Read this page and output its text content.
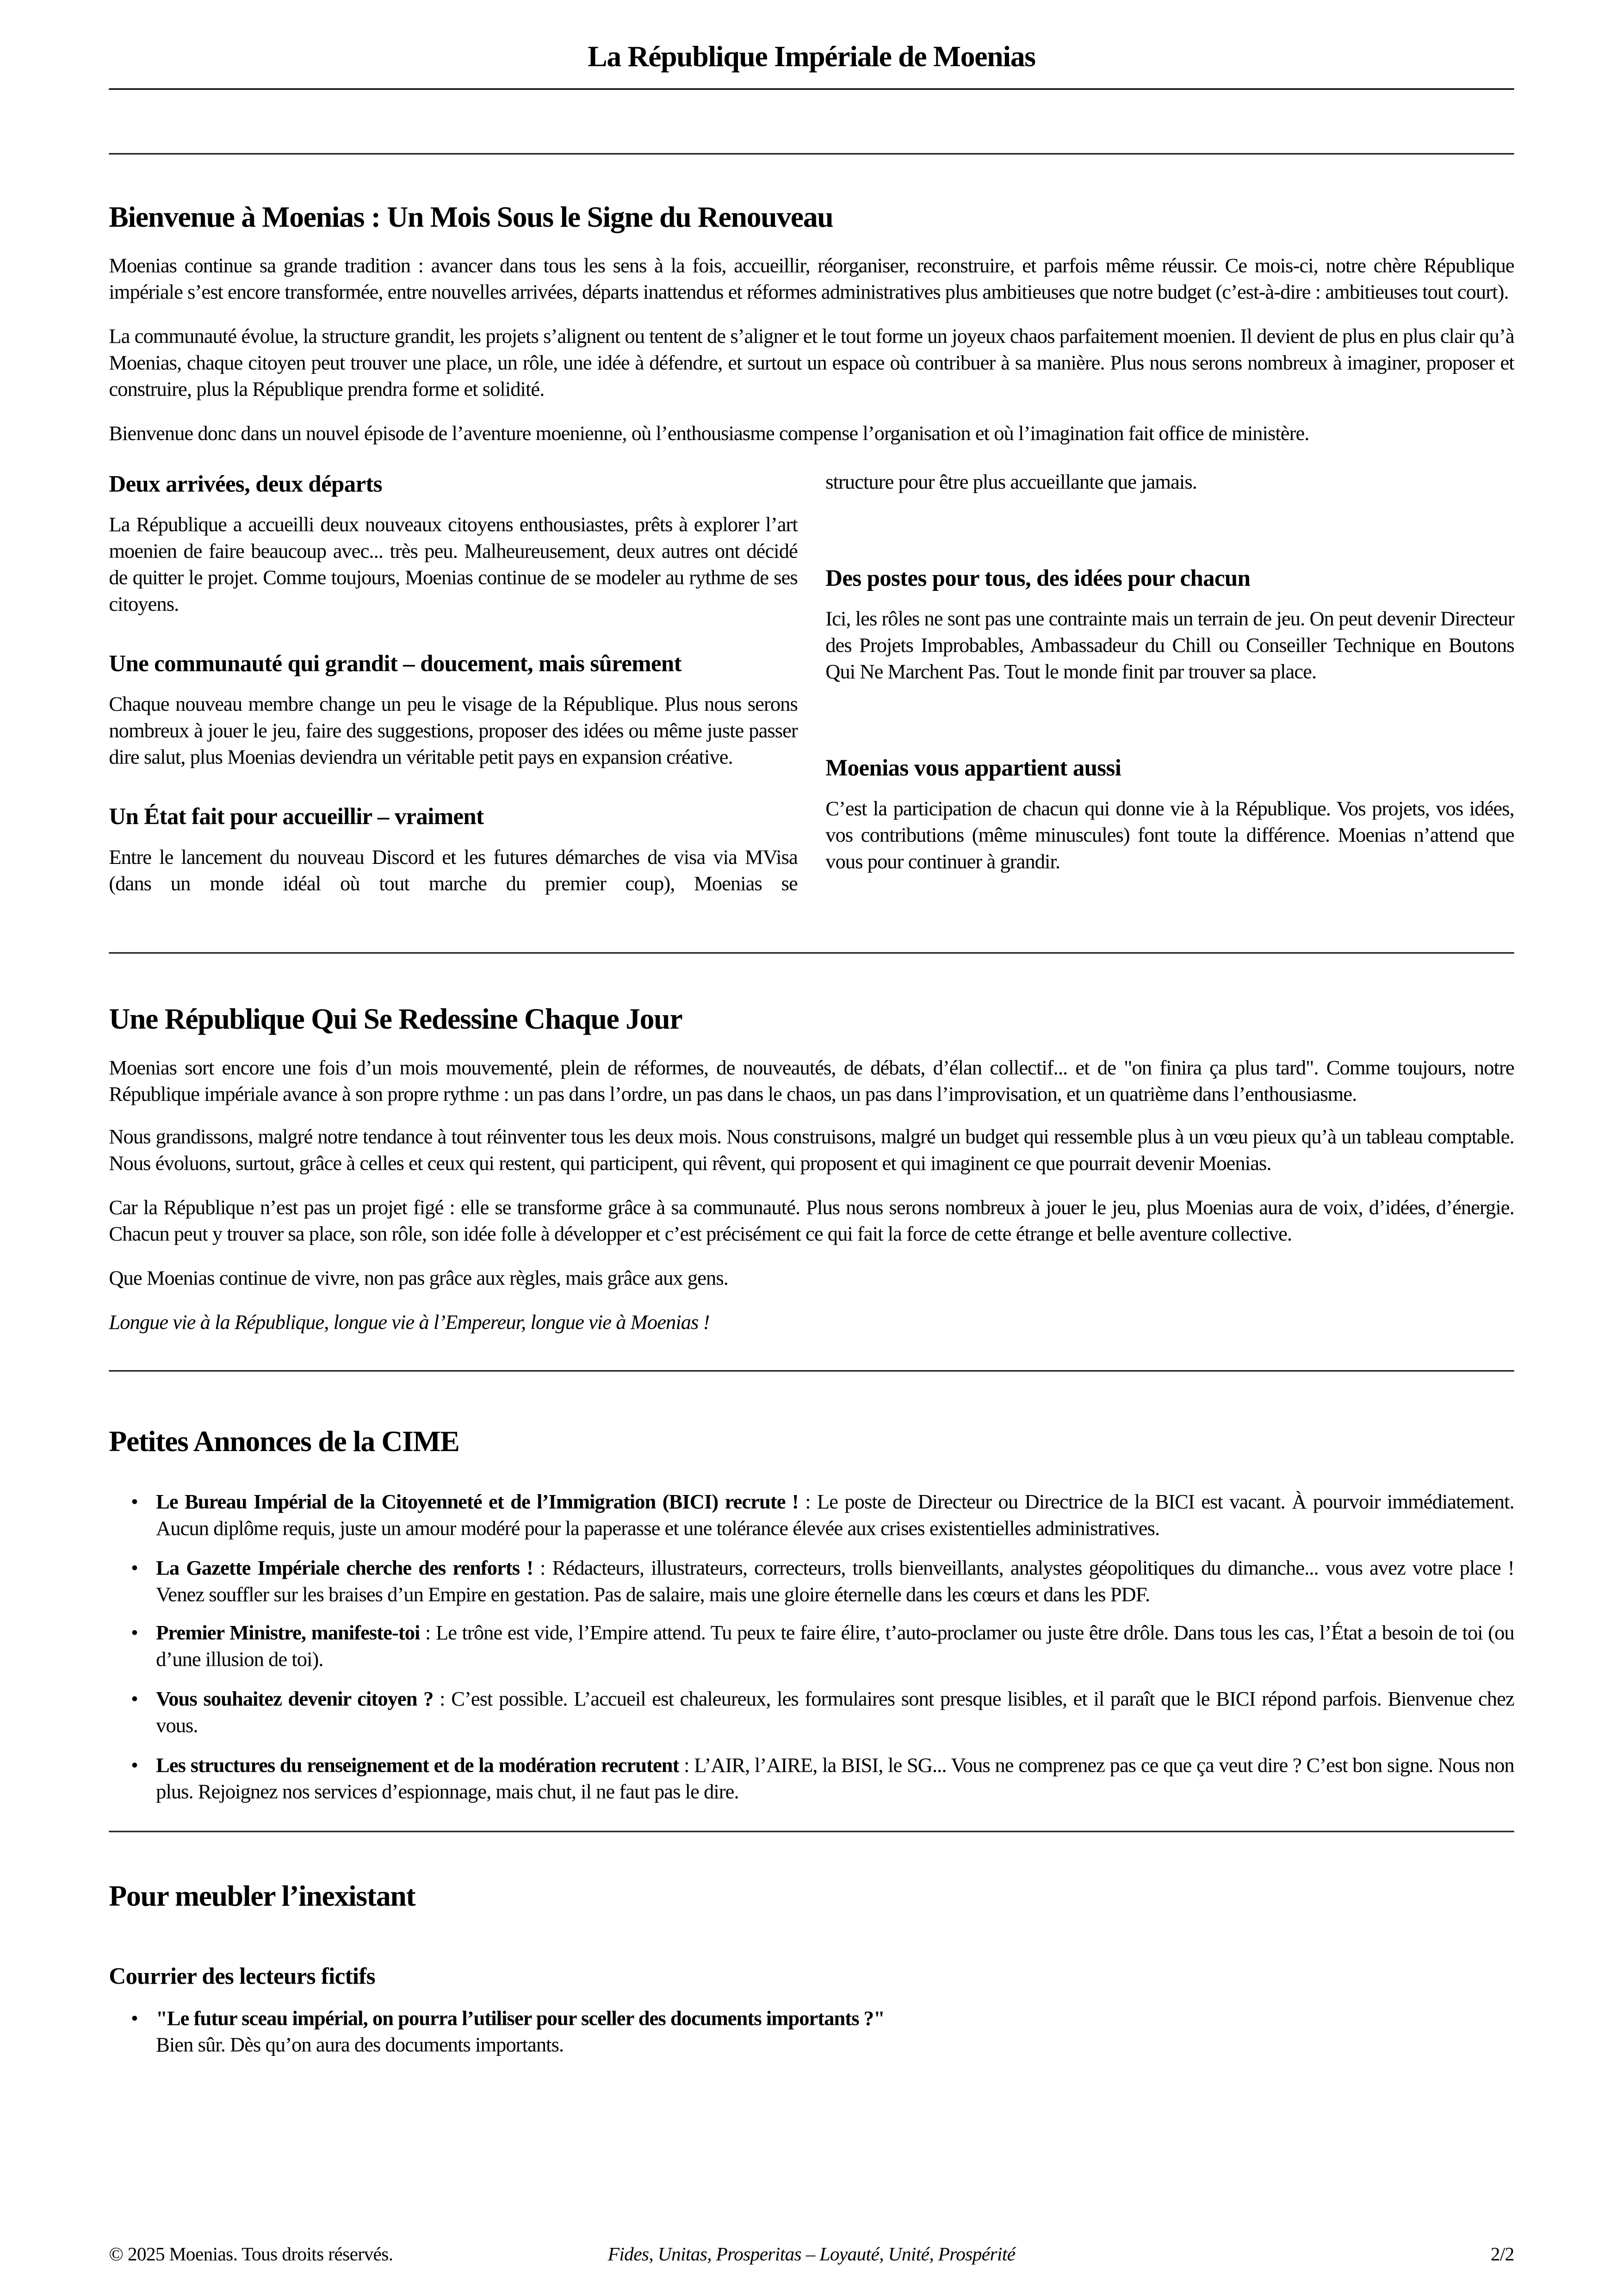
La République Impériale de Moenias
Bienvenue à Moenias : Un Mois Sous le Signe du Renouveau

Moenias continue sa grande tradition : avancer dans tous les sens à la fois, accueillir, réorganiser, reconstruire, et parfois même réussir. Ce mois-ci, notre chère République impériale s’est encore transformée, entre nouvelles arrivées, départs inattendus et réformes administratives plus ambitieuses que notre budget (c’est-à-dire : ambitieuses tout court).

La communauté évolue, la structure grandit, les projets s’alignent ou tentent de s’aligner et le tout forme un joyeux chaos parfaitement moenien. Il devient de plus en plus clair qu’à Moenias, chaque citoyen peut trouver une place, un rôle, une idée à défendre, et surtout un espace où contribuer à sa manière. Plus nous serons nombreux à imaginer, proposer et construire, plus la République prendra forme et solidité.

Bienvenue donc dans un nouvel épisode de l’aventure moenienne, où l’enthousiasme compense l’organisation et où l’imagination fait office de ministère.

Deux arrivées, deux départs

La République a accueilli deux nouveaux citoyens enthousiastes, prêts à explorer l’art moenien de faire beaucoup avec... très peu. Malheureusement, deux autres ont décidé de quitter le projet. Comme toujours, Moenias continue de se modeler au rythme de ses citoyens.

Une communauté qui grandit – doucement, mais sûrement

Chaque nouveau membre change un peu le visage de la République. Plus nous serons nombreux à jouer le jeu, faire des suggestions, proposer des idées ou même juste passer dire salut, plus Moenias deviendra un véritable petit pays en expansion créative.

Un État fait pour accueillir – vraiment

Entre le lancement du nouveau Discord et les futures démarches de visa via MVisa (dans un monde idéal où tout marche du premier coup), Moenias se

structure pour être plus accueillante que jamais.

Des postes pour tous, des idées pour chacun

Ici, les rôles ne sont pas une contrainte mais un terrain de jeu. On peut devenir Directeur des Projets Improbables, Ambassadeur du Chill ou Conseiller Technique en Boutons Qui Ne Marchent Pas. Tout le monde finit par trouver sa place.

Moenias vous appartient aussi

C’est la participation de chacun qui donne vie à la République. Vos projets, vos idées, vos contributions (même minuscules) font toute la différence. Moenias n’attend que vous pour continuer à grandir.

Une République Qui Se Redessine Chaque Jour

Moenias sort encore une fois d’un mois mouvementé, plein de réformes, de nouveautés, de débats, d’élan collectif... et de "on finira ça plus tard". Comme toujours, notre République impériale avance à son propre rythme : un pas dans l’ordre, un pas dans le chaos, un pas dans l’improvisation, et un quatrième dans l’enthousiasme.

Nous grandissons, malgré notre tendance à tout réinventer tous les deux mois. Nous construisons, malgré un budget qui ressemble plus à un vœu pieux qu’à un tableau comptable. Nous évoluons, surtout, grâce à celles et ceux qui restent, qui participent, qui rêvent, qui proposent et qui imaginent ce que pourrait devenir Moenias.

Car la République n’est pas un projet figé : elle se transforme grâce à sa communauté. Plus nous serons nombreux à jouer le jeu, plus Moenias aura de voix, d’idées, d’énergie. Chacun peut y trouver sa place, son rôle, son idée folle à développer et c’est précisément ce qui fait la force de cette étrange et belle aventure collective.

Que Moenias continue de vivre, non pas grâce aux règles, mais grâce aux gens.

Longue vie à la République, longue vie à l’Empereur, longue vie à Moenias !

Petites Annonces de la CIME
• Le Bureau Impérial de la Citoyenneté et de l’Immigration (BICI) recrute ! : Le poste de Directeur ou Directrice de la BICI est vacant. À pourvoir immédiatement. Aucun diplôme requis, juste un amour modéré pour la paperasse et une tolérance élevée aux crises existentielles administratives.
• La Gazette Impériale cherche des renforts ! : Rédacteurs, illustrateurs, correcteurs, trolls bienveillants, analystes géopolitiques du dimanche... vous avez votre place ! Venez souffler sur les braises d’un Empire en gestation. Pas de salaire, mais une gloire éternelle dans les cœurs et dans les PDF.
• Premier Ministre, manifeste-toi : Le trône est vide, l’Empire attend. Tu peux te faire élire, t’auto-proclamer ou juste être drôle. Dans tous les cas, l’État a besoin de toi (ou d’une illusion de toi).
• Vous souhaitez devenir citoyen ? : C’est possible. L’accueil est chaleureux, les formulaires sont presque lisibles, et il paraît que le BICI répond parfois. Bienvenue chez vous.
• Les structures du renseignement et de la modération recrutent : L’AIR, l’AIRE, la BISI, le SG... Vous ne comprenez pas ce que ça veut dire ? C’est bon signe. Nous non plus. Rejoignez nos services d’espionnage, mais chut, il ne faut pas le dire.
Pour meubler l’inexistant
Courrier des lecteurs fictifs
• "Le futur sceau impérial, on pourra l’utiliser pour sceller des documents importants ?"
Bien sûr. Dès qu’on aura des documents importants.
© 2025 Moenias. Tous droits réservés.	Fides, Unitas, Prosperitas – Loyauté, Unité, Prospérité	2/2
